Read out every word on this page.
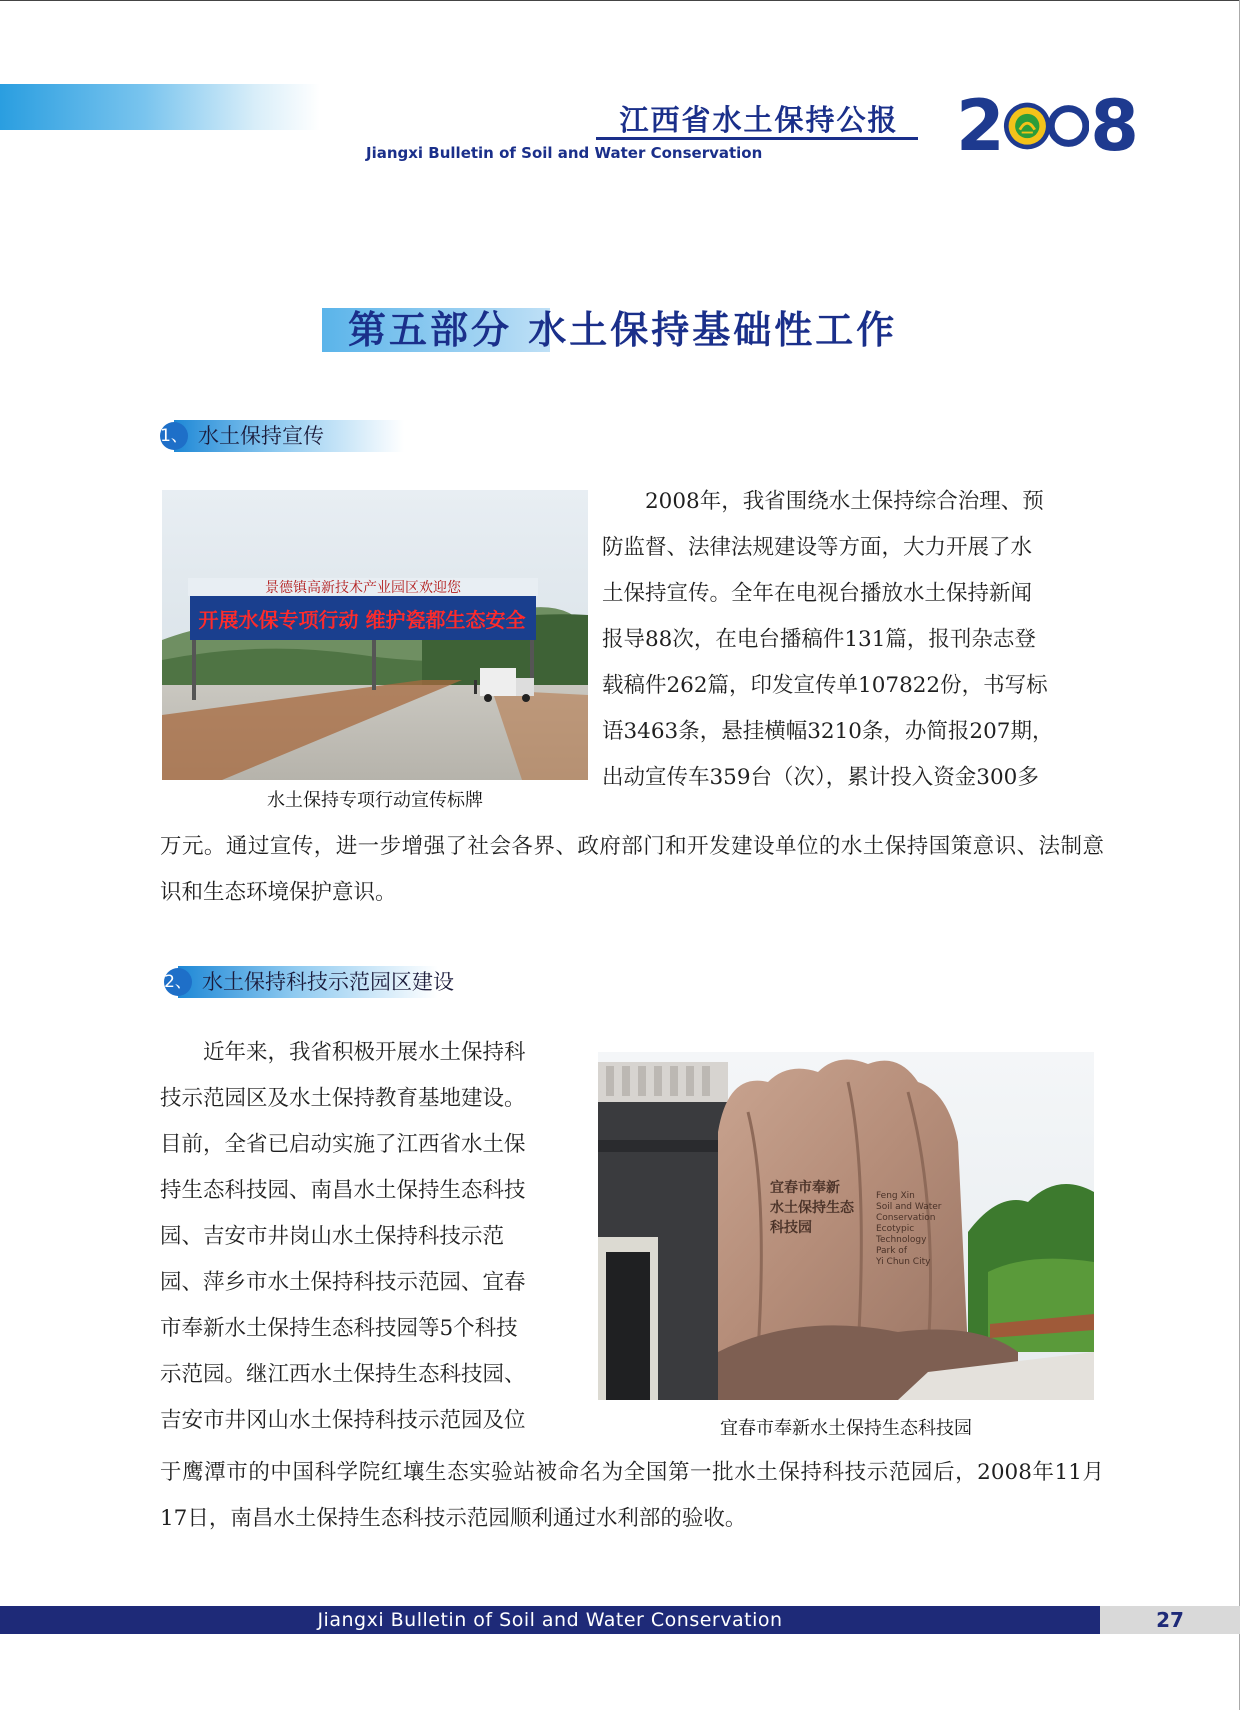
江西省水土保持公报
Jiangxi Bulletin of Soil and Water Conservation	2 8
第五部分 水土保持基础性工作
1、 水土保持宣传
景德镇高新技术产业园区欢迎您
开展水保专项行动 维护瓷都生态安全
水土保持专项行动宣传标牌
2008年，我省围绕水土保持综合治理、预
防监督、法律法规建设等方面，大力开展了水
土保持宣传。全年在电视台播放水土保持新闻
报导88次，在电台播稿件131篇，报刊杂志登
载稿件262篇，印发宣传单107822份，书写标
语3463条，悬挂横幅3210条，办简报207期，
出动宣传车359台（次），累计投入资金300多
万元。通过宣传，进一步增强了社会各界、政府部门和开发建设单位的水土保持国策意识、法制意识和生态环境保护意识。
2、 水土保持科技示范园区建设
近年来，我省积极开展水土保持科
技示范园区及水土保持教育基地建设。
目前，全省已启动实施了江西省水土保
持生态科技园、南昌水土保持生态科技
园、吉安市井岗山水土保持科技示范
园、萍乡市水土保持科技示范园、宜春
市奉新水土保持生态科技园等5个科技
示范园。继江西水土保持生态科技园、
吉安市井冈山水土保持科技示范园及位
宜春市奉新
水土保持生态
科技园
Feng Xin
Soil and Water
Conservation
Ecotypic
Technology
Park of
Yi Chun City
宜春市奉新水土保持生态科技园
于鹰潭市的中国科学院红壤生态实验站被命名为全国第一批水土保持科技示范园后，2008年11月17日，南昌水土保持生态科技示范园顺利通过水利部的验收。
Jiangxi Bulletin of Soil and Water Conservation	27
